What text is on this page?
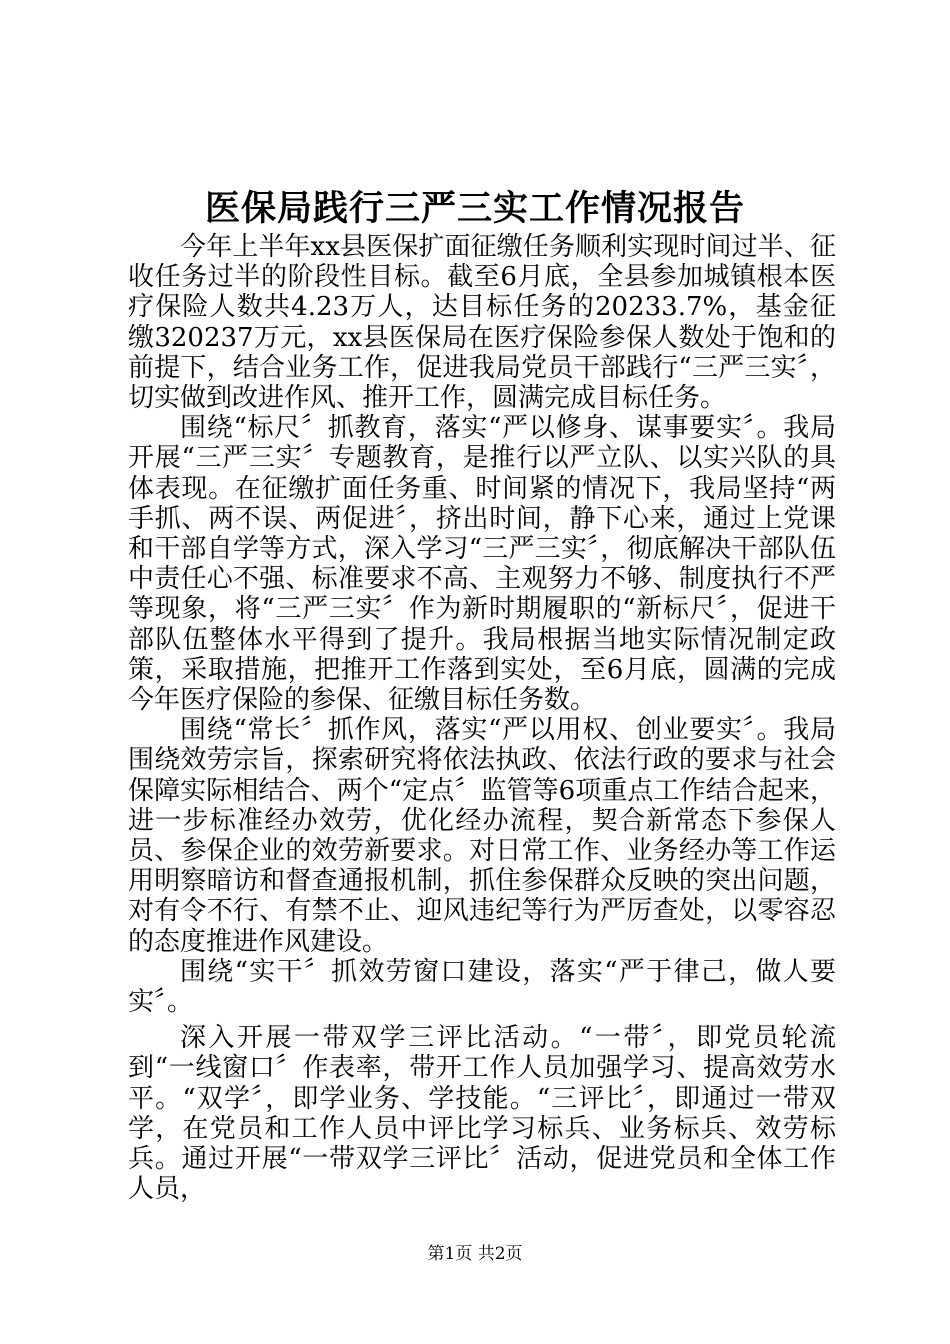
医保局践行三严三实工作情况报告

今年上半年xx县医保扩面征缴任务顺利实现时间过半、征收任务过半的阶段性目标。截至6月底，全县参加城镇根本医疗保险人数共4.23万人，达目标任务的20233.7%，基金征缴320237万元，xx县医保局在医疗保险参保人数处于饱和的前提下，结合业务工作，促进我局党员干部践行“三严三实〞，切实做到改进作风、推开工作，圆满完成目标任务。

围绕“标尺〞抓教育，落实“严以修身、谋事要实〞。我局开展“三严三实〞专题教育，是推行以严立队、以实兴队的具体表现。在征缴扩面任务重、时间紧的情况下，我局坚持“两手抓、两不误、两促进〞，挤出时间，静下心来，通过上党课和干部自学等方式，深入学习“三严三实〞，彻底解决干部队伍中责任心不强、标准要求不高、主观努力不够、制度执行不严等现象，将“三严三实〞作为新时期履职的“新标尺〞，促进干部队伍整体水平得到了提升。我局根据当地实际情况制定政策，采取措施，把推开工作落到实处，至6月底，圆满的完成今年医疗保险的参保、征缴目标任务数。

围绕“常长〞抓作风，落实“严以用权、创业要实〞。我局围绕效劳宗旨，探索研究将依法执政、依法行政的要求与社会保障实际相结合、两个“定点〞监管等6项重点工作结合起来，进一步标准经办效劳，优化经办流程，契合新常态下参保人员、参保企业的效劳新要求。对日常工作、业务经办等工作运用明察暗访和督查通报机制，抓住参保群众反映的突出问题，对有令不行、有禁不止、迎风违纪等行为严厉查处，以零容忍的态度推进作风建设。

围绕“实干〞抓效劳窗口建设，落实“严于律己，做人要实〞。

深入开展一带双学三评比活动。“一带〞，即党员轮流到“一线窗口〞作表率，带开工作人员加强学习、提高效劳水平。“双学〞，即学业务、学技能。“三评比〞，即通过一带双学，在党员和工作人员中评比学习标兵、业务标兵、效劳标兵。通过开展“一带双学三评比〞活动，促进党员和全体工作人员，

第1页 共2页
